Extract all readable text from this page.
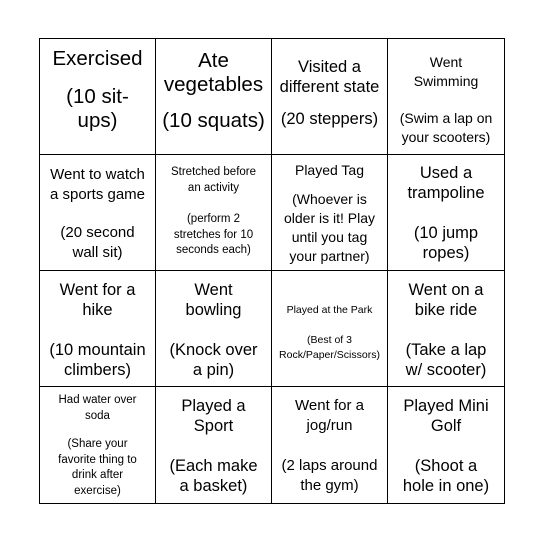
Exercised
(10 sit-
ups)
Ate
vegetables
(10 squats)
Visited a
different state
(20 steppers)
Went
Swimming
(Swim a lap on
your scooters)
Went to watch
a sports game
(20 second
wall sit)
Stretched before
an activity
(perform 2
stretches for 10
seconds each)
Played Tag
(Whoever is
older is it! Play
until you tag
your partner)
Used a
trampoline
(10 jump
ropes)
Went for a
hike
(10 mountain
climbers)
Went
bowling
(Knock over
a pin)
Played at the Park
(Best of 3
Rock/Paper/Scissors)
Went on a
bike ride
(Take a lap
w/ scooter)
Had water over
soda
(Share your
favorite thing to
drink after
exercise)
Played a
Sport
(Each make
a basket)
Went for a
jog/run
(2 laps around
the gym)
Played Mini
Golf
(Shoot a
hole in one)
